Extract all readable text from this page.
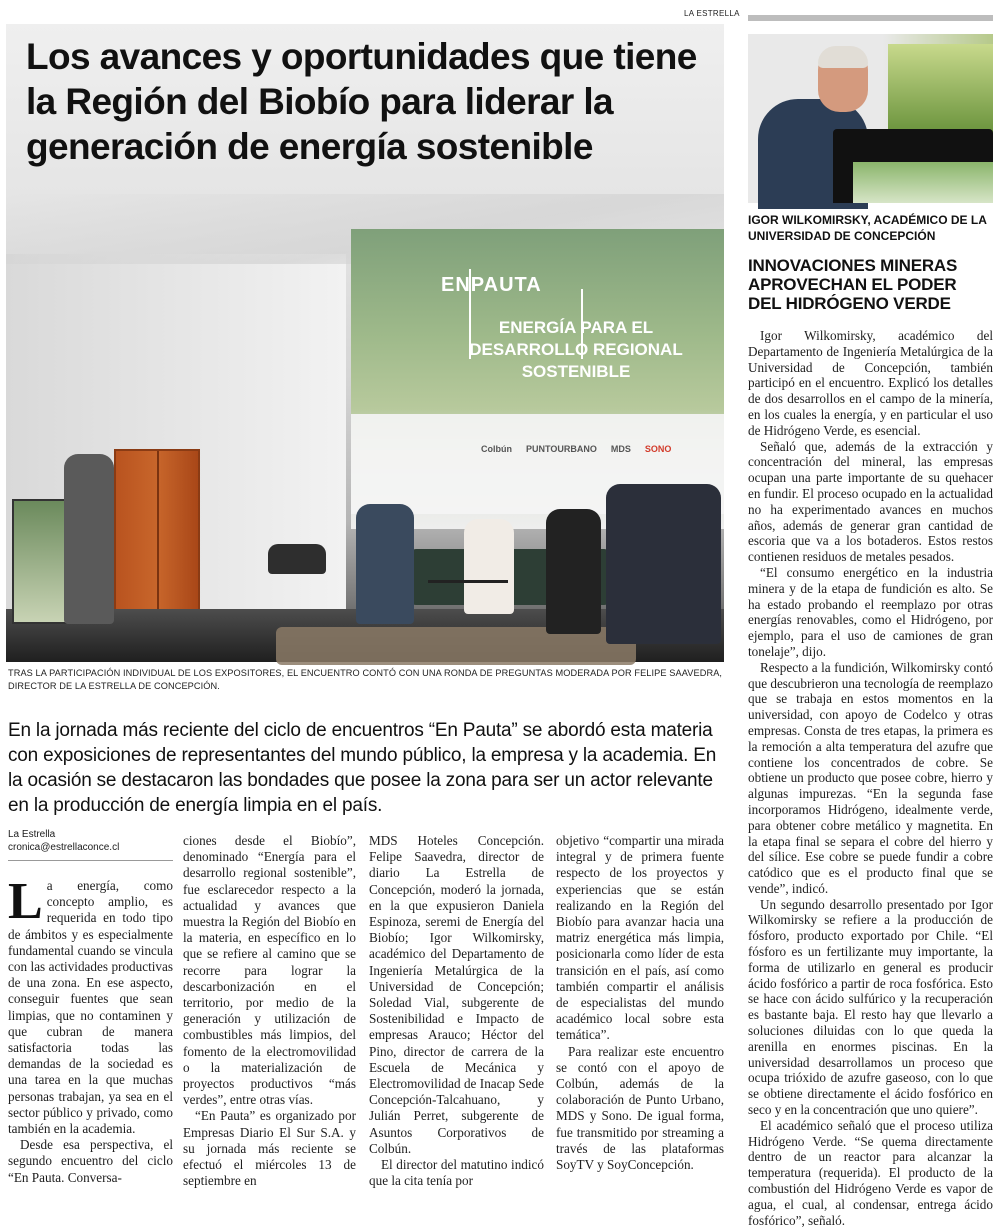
LA ESTRELLA
ENPAUTA
ENERGÍA PARA EL DESARROLLO REGIONAL SOSTENIBLE
Colbún PUNTOURBANO MDS SONO
Los avances y oportunidades que tiene la Región del Biobío para liderar la generación de energía sostenible
TRAS LA PARTICIPACIÓN INDIVIDUAL DE LOS EXPOSITORES, EL ENCUENTRO CONTÓ CON UNA RONDA DE PREGUNTAS MODERADA POR FELIPE SAAVEDRA, DIRECTOR DE LA ESTRELLA DE CONCEPCIÓN.

En la jornada más reciente del ciclo de encuentros “En Pauta” se abordó esta materia con exposiciones de representantes del mundo público, la empresa y la academia. En la ocasión se destacaron las bondades que posee la zona para ser un actor relevante en la producción de energía limpia en el país.

La Estrella
cronica@estrellaconce.cl

La energía, como concepto amplio, es requerida en todo tipo de ámbitos y es especialmente fundamental cuando se vincula con las actividades productivas de una zona. En ese aspecto, conseguir fuentes que sean limpias, que no contaminen y que cubran de manera satisfactoria todas las demandas de la sociedad es una tarea en la que muchas personas trabajan, ya sea en el sector público y privado, como también en la academia.

Desde esa perspectiva, el segundo encuentro del ciclo “En Pauta. Conversa-

ciones desde el Biobío”, denominado “Energía para el desarrollo regional sostenible”, fue esclarecedor respecto a la actualidad y avances que muestra la Región del Biobío en la materia, en específico en lo que se refiere al camino que se recorre para lograr la descarbonización en el territorio, por medio de la generación y utilización de combustibles más limpios, del fomento de la electromovilidad o la materialización de proyectos productivos “más verdes”, entre otras vías.

“En Pauta” es organizado por Empresas Diario El Sur S.A. y su jornada más reciente se efectuó el miércoles 13 de septiembre en

MDS Hoteles Concepción. Felipe Saavedra, director de diario La Estrella de Concepción, moderó la jornada, en la que expusieron Daniela Espinoza, seremi de Energía del Biobío; Igor Wilkomirsky, académico del Departamento de Ingeniería Metalúrgica de la Universidad de Concepción; Soledad Vial, subgerente de Sostenibilidad e Impacto de empresas Arauco; Héctor del Pino, director de carrera de la Escuela de Mecánica y Electromovilidad de Inacap Sede Concepción-Talcahuano, y Julián Perret, subgerente de Asuntos Corporativos de Colbún.

El director del matutino indicó que la cita tenía por

objetivo “compartir una mirada integral y de primera fuente respecto de los proyectos y experiencias que se están realizando en la Región del Biobío para avanzar hacia una matriz energética más limpia, posicionarla como líder de esta transición en el país, así como también compartir el análisis de especialistas del mundo académico local sobre esta temática”.

Para realizar este encuentro se contó con el apoyo de Colbún, además de la colaboración de Punto Urbano, MDS y Sono. De igual forma, fue transmitido por streaming a través de las plataformas SoyTV y SoyConcepción.

IGOR WILKOMIRSKY, ACADÉMICO DE LA UNIVERSIDAD DE CONCEPCIÓN
INNOVACIONES MINERAS APROVECHAN EL PODER DEL HIDRÓGENO VERDE

Igor Wilkomirsky, académico del Departamento de Ingeniería Metalúrgica de la Universidad de Concepción, también participó en el encuentro. Explicó los detalles de dos desarrollos en el campo de la minería, en los cuales la energía, y en particular el uso de Hidrógeno Verde, es esencial.

Señaló que, además de la extracción y concentración del mineral, las empresas ocupan una parte importante de su quehacer en fundir. El proceso ocupado en la actualidad no ha experimentado avances en muchos años, además de generar gran cantidad de escoria que va a los botaderos. Estos restos contienen residuos de metales pesados.

“El consumo energético en la industria minera y de la etapa de fundición es alto. Se ha estado probando el reemplazo por otras energías renovables, como el Hidrógeno, por ejemplo, para el uso de camiones de gran tonelaje”, dijo.

Respecto a la fundición, Wilkomirsky contó que descubrieron una tecnología de reemplazo que se trabaja en estos momentos en la universidad, con apoyo de Codelco y otras empresas. Consta de tres etapas, la primera es la remoción a alta temperatura del azufre que contiene los concentrados de cobre. Se obtiene un producto que posee cobre, hierro y algunas impurezas. “En la segunda fase incorporamos Hidrógeno, idealmente verde, para obtener cobre metálico y magnetita. En la etapa final se separa el cobre del hierro y del sílice. Ese cobre se puede fundir a cobre catódico que es el producto final que se vende”, indicó.

Un segundo desarrollo presentado por Igor Wilkomirsky se refiere a la producción de fósforo, producto exportado por Chile. “El fósforo es un fertilizante muy importante, la forma de utilizarlo en general es producir ácido fosfórico a partir de roca fosfórica. Esto se hace con ácido sulfúrico y la recuperación es bastante baja. El resto hay que llevarlo a soluciones diluidas con lo que queda la arenilla en enormes piscinas. En la universidad desarrollamos un proceso que ocupa trióxido de azufre gaseoso, con lo que se obtiene directamente el ácido fosfórico en seco y en la concentración que uno quiere”.

El académico señaló que el proceso utiliza Hidrógeno Verde. “Se quema directamente dentro de un reactor para alcanzar la temperatura (requerida). El producto de la combustión del Hidrógeno Verde es vapor de agua, el cual, al condensar, entrega ácido fosfórico”, señaló.
